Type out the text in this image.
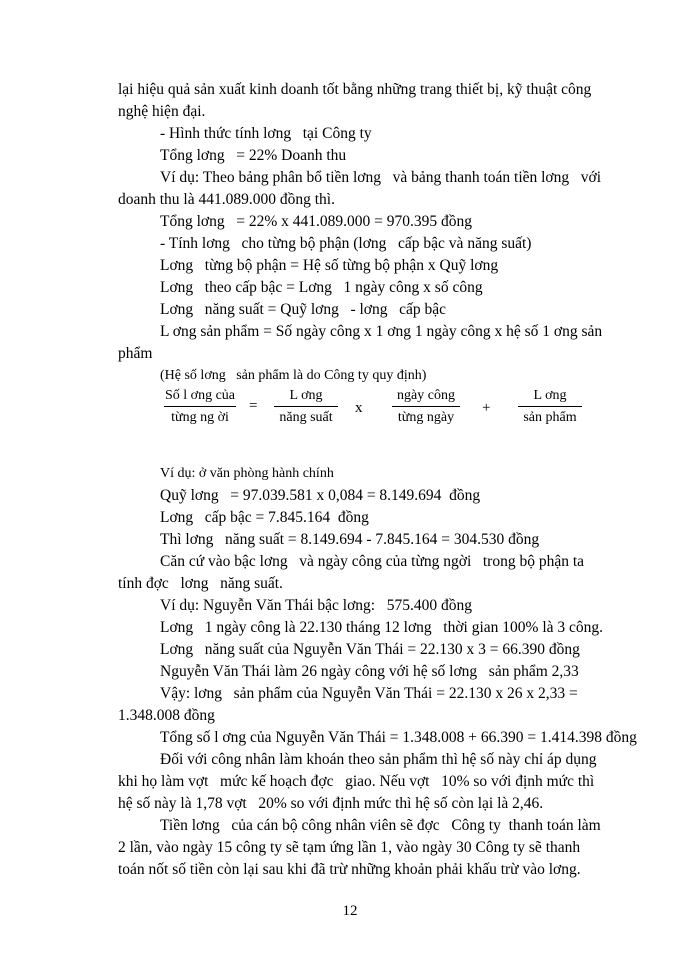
lại hiệu quả sản xuất kinh doanh tốt bằng những trang thiết bị, kỹ thuật công
nghệ hiện đại.
- Hình thức tính lơng   tại Công ty
Tổng lơng   = 22% Doanh thu
Ví dụ: Theo bảng phân bổ tiền lơng   và bảng thanh toán tiền lơng   với
doanh thu là 441.089.000 đồng thì.
Tổng lơng   = 22% x 441.089.000 = 970.395 đồng
- Tính lơng   cho từng bộ phận (lơng   cấp bậc và năng suất)
Lơng   từng bộ phận = Hệ số từng bộ phận x Quỹ lơng
Lơng   theo cấp bậc = Lơng   1 ngày công x số công
Lơng   năng suất = Quỹ lơng   - lơng   cấp bậc
L ơng sản phẩm = Số ngày công x 1 ơng 1 ngày công x hệ số 1 ơng sản
phẩm
(Hệ số lơng   sản phẩm là do Công ty quy định)
Số l ơng của
từng ng ời
=
L ơng
năng suất
x
ngày công
từng ngày
+
L ơng
sản phẩm
Ví dụ: ở văn phòng hành chính
Quỹ lơng   = 97.039.581 x 0,084 = 8.149.694  đồng
Lơng   cấp bậc = 7.845.164  đồng
Thì lơng   năng suất = 8.149.694 - 7.845.164 = 304.530 đồng
Căn cứ vào bậc lơng   và ngày công của từng ngời   trong bộ phận ta
tính đợc   lơng   năng suất.
Ví dụ: Nguyễn Văn Thái bậc lơng:   575.400 đồng
Lơng   1 ngày công là 22.130 tháng 12 lơng   thời gian 100% là 3 công.
Lơng   năng suất của Nguyễn Văn Thái = 22.130 x 3 = 66.390 đồng
Nguyễn Văn Thái làm 26 ngày công với hệ số lơng   sản phẩm 2,33
Vậy: lơng   sản phẩm của Nguyễn Văn Thái = 22.130 x 26 x 2,33 =
1.348.008 đồng
Tổng số l ơng của Nguyễn Văn Thái = 1.348.008 + 66.390 = 1.414.398 đồng
Đối với công nhân làm khoán theo sản phẩm thì hệ số này chỉ áp dụng
khi họ làm vợt   mức kế hoạch đợc   giao. Nếu vợt   10% so với định mức thì
hệ số này là 1,78 vợt   20% so với định mức thì hệ số còn lại là 2,46.
Tiền lơng   của cán bộ công nhân viên sẽ đợc   Công ty  thanh toán làm
2 lần, vào ngày 15 công ty sẽ tạm ứng lần 1, vào ngày 30 Công ty sẽ thanh
toán nốt số tiền còn lại sau khi đã trừ những khoản phải khấu trừ vào lơng.
12
